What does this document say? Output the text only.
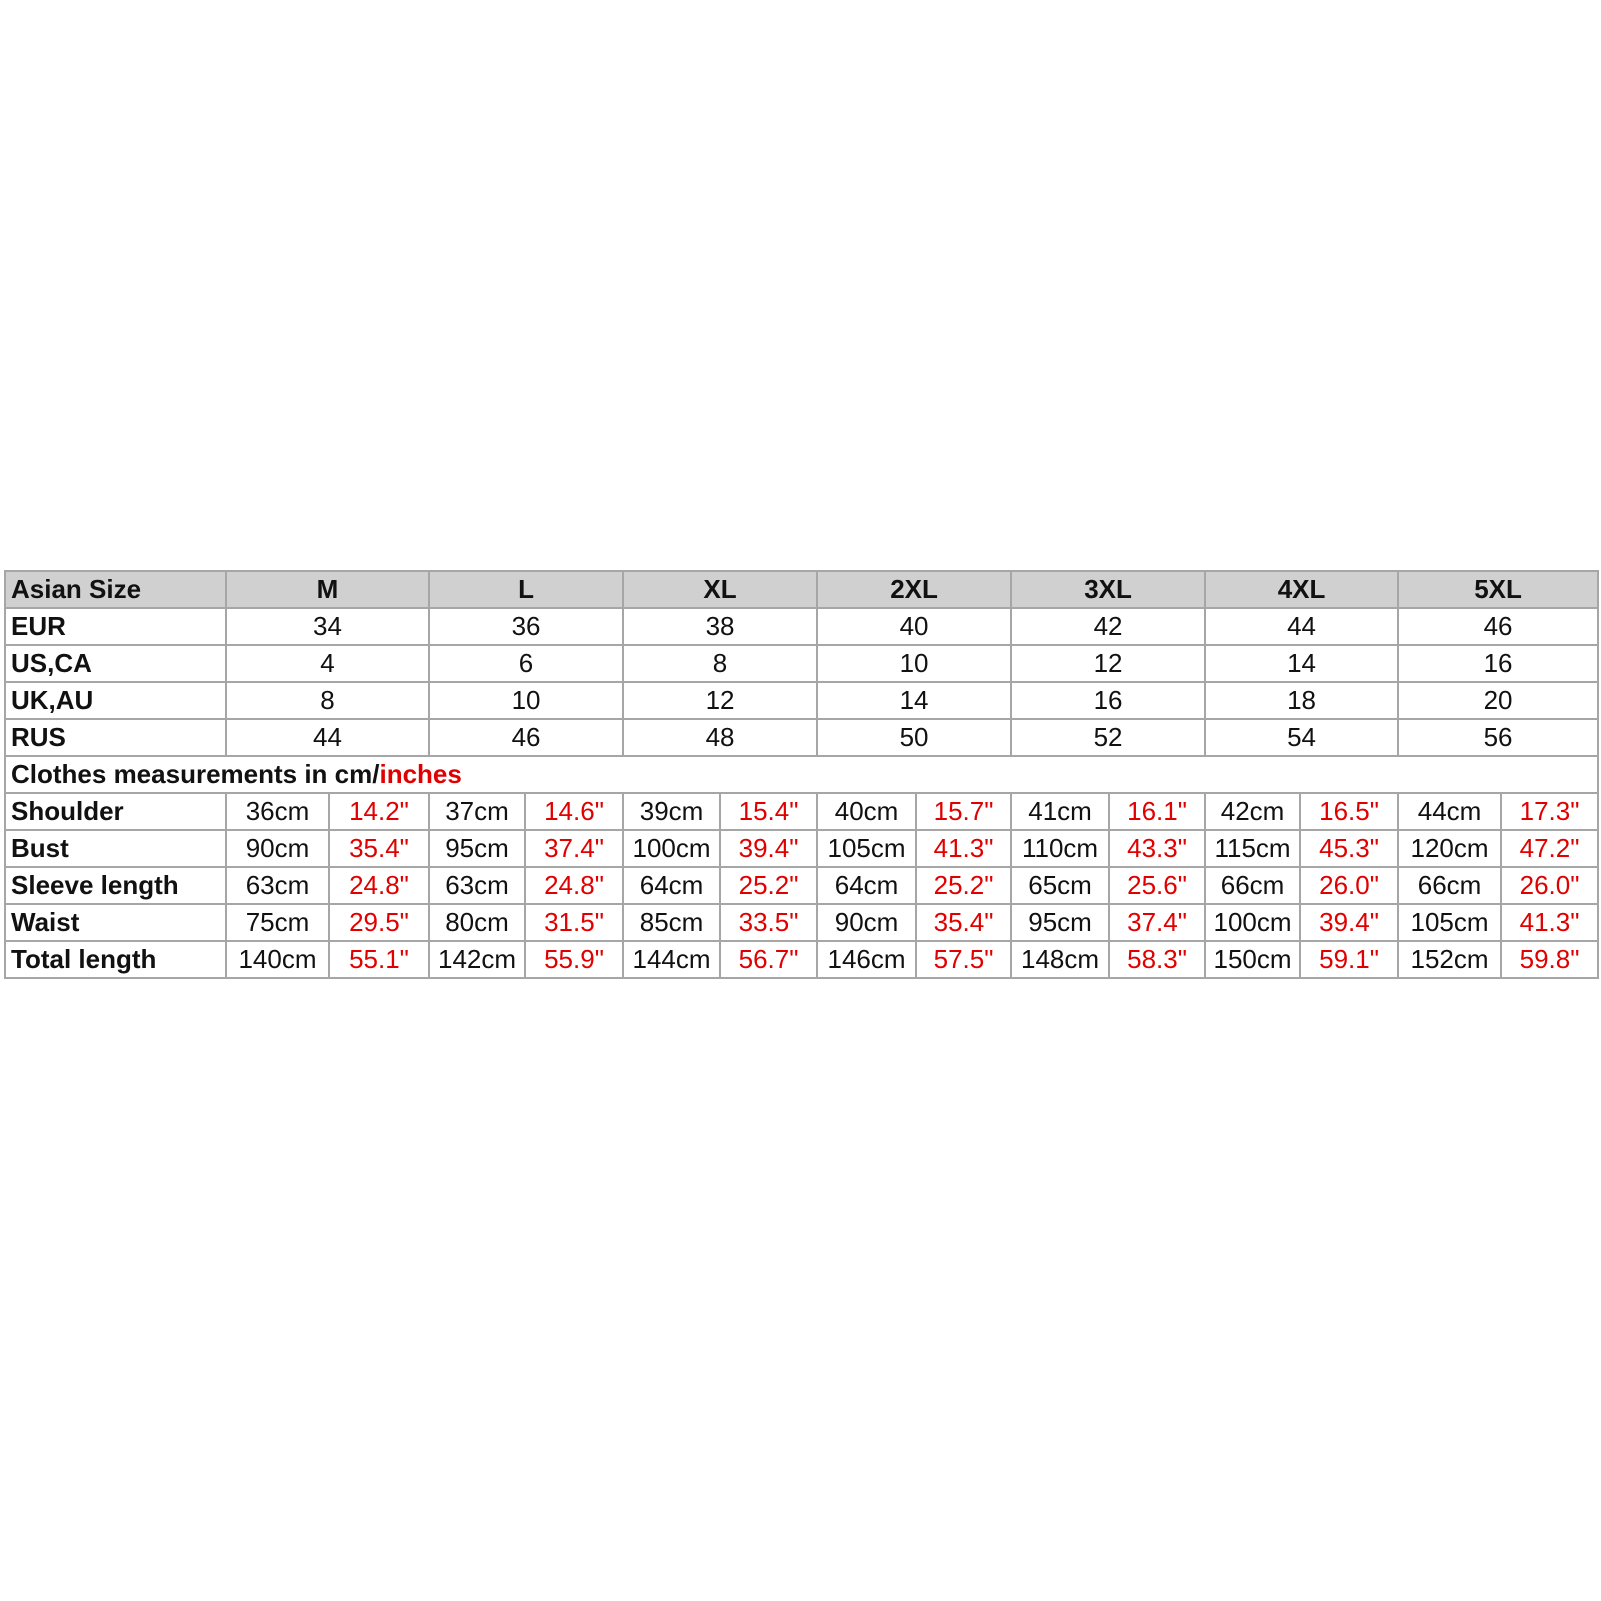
Asian Size	M		L		XL		2XL		3XL		4XL		5XL	
EUR	34		36		38		40		42		44		46	
US,CA	4		6		8		10		12		14		16	
UK,AU	8		10		12		14		16		18		20	
RUS	44		46		48		50		52		54		56	
Clothes measurements in cm/inches														
Shoulder	36cm	14.2"	37cm	14.6"	39cm	15.4"	40cm	15.7"	41cm	16.1"	42cm	16.5"	44cm	17.3"
Bust	90cm	35.4"	95cm	37.4"	100cm	39.4"	105cm	41.3"	110cm	43.3"	115cm	45.3"	120cm	47.2"
Sleeve length	63cm	24.8"	63cm	24.8"	64cm	25.2"	64cm	25.2"	65cm	25.6"	66cm	26.0"	66cm	26.0"
Waist	75cm	29.5"	80cm	31.5"	85cm	33.5"	90cm	35.4"	95cm	37.4"	100cm	39.4"	105cm	41.3"
Total length	140cm	55.1"	142cm	55.9"	144cm	56.7"	146cm	57.5"	148cm	58.3"	150cm	59.1"	152cm	59.8"
